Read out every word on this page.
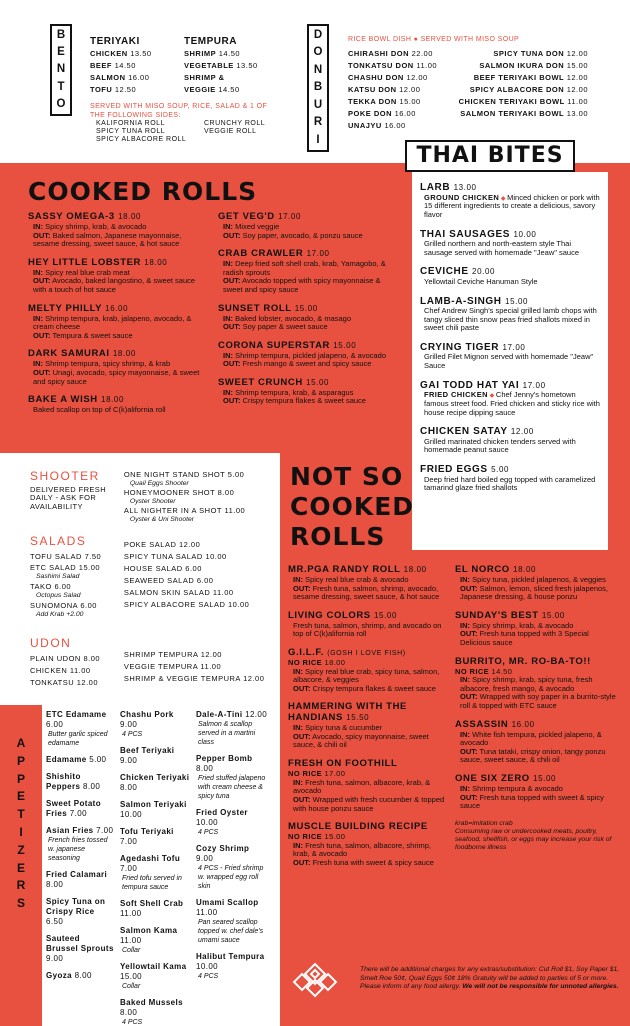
B
E
N
T
O
TERIYAKI
CHICKEN 13.50
BEEF 14.50
SALMON 16.00
TOFU 12.50
TEMPURA
SHRIMP 14.50
VEGETABLE 13.50
SHRIMP &
VEGGIE 14.50
SERVED WITH MISO SOUP, RICE, SALAD & 1 OF THE FOLLOWING SIDES:
KALIFORNIA ROLL
SPICY TUNA ROLL
SPICY ALBACORE ROLL
CRUNCHY ROLL
VEGGIE ROLL
D
O
N
B
U
R
I
RICE BOWL DISH ● SERVED WITH MISO SOUP
CHIRASHI DON 22.00
TONKATSU DON 11.00
CHASHU DON 12.00
KATSU DON 12.00
TEKKA DON 15.00
POKE DON 16.00
UNAJYU 16.00
SPICY TUNA DON 12.00
SALMON IKURA DON 15.00
BEEF TERIYAKI BOWL 12.00
SPICY ALBACORE DON 12.00
CHICKEN TERIYAKI BOWL 11.00
SALMON TERIYAKI BOWL 13.00
COOKED ROLLS
SASSY OMEGA-3 18.00
IN: Spicy shrimp, krab, & avocado
OUT: Baked salmon, Japanese mayonnaise, sesame dressing, sweet sauce, & hot sauce
HEY LITTLE LOBSTER 18.00
IN: Spicy real blue crab meat
OUT: Avocado, baked langostino, & sweet sauce with a touch of hot sauce
MELTY PHILLY 16.00
IN: Shrimp tempura, krab, jalapeno, avocado, & cream cheese
OUT: Tempura & sweet sauce
DARK SAMURAI 18.00
IN: Shrimp tempura, spicy shrimp, & krab
OUT: Unagi, avocado, spicy mayonnaise, & sweet and spicy sauce
BAKE A WISH 18.00
Baked scallop on top of C(k)alifornia roll
GET VEG'D 17.00
IN: Mixed veggie
OUT: Soy paper, avocado, & ponzu sauce
CRAB CRAWLER 17.00
IN: Deep fried soft shell crab, krab, Yamagobo, & radish sprouts
OUT: Avocado topped with spicy mayonnaise & sweet and spicy sauce
SUNSET ROLL 15.00
IN: Baked lobster, avocado, & masago
OUT: Soy paper & sweet sauce
CORONA SUPERSTAR 15.00
IN: Shrimp tempura, pickled jalapeno, & avocado
OUT: Fresh mango & sweet and spicy sauce
SWEET CRUNCH 15.00
IN: Shrimp tempura, krab, & asparagus
OUT: Crispy tempura flakes & sweet sauce
THAI BITES
LARB 13.00
GROUND CHICKEN ◆ Minced chicken or pork with 15 different ingredients to create a delicious, savory flavor
THAI SAUSAGES 10.00
Grilled northern and north-eastern style Thai sausage served with homemade "Jeaw" sauce
CEVICHE 20.00
Yellowtail Ceviche Hanuman Style
LAMB-A-SINGH 15.00
Chef Andrew Singh's special grilled lamb chops with tangy sliced thin snow peas fried shallots mixed in sweet chili paste
CRYING TIGER 17.00
Grilled Filet Mignon served with homemade "Jeaw" Sauce
GAI TODD HAT YAI 17.00
FRIED CHICKEN ◆ Chef Jenny's hometown famous street food. Fried chicken and sticky rice with house recipe dipping sauce
CHICKEN SATAY 12.00
Grilled marinated chicken tenders served with homemade peanut sauce
FRIED EGGS 5.00
Deep fried hard boiled egg topped with caramelized tamarind glaze fried shallots
SHOOTER
DELIVERED FRESH DAILY - ASK FOR AVAILABILITY
ONE NIGHT STAND SHOT 5.00
Quail Eggs Shooter
HONEYMOONER SHOT 8.00
Oyster Shooter
ALL NIGHTER IN A SHOT 11.00
Oyster & Uni Shooter
SALADS
TOFU SALAD 7.50
ETC SALAD 15.00
Sashimi Salad
TAKO 6.00
Octopus Salad
SUNOMONA 6.00
Add Krab +2.00
POKE SALAD 12.00
SPICY TUNA SALAD 10.00
HOUSE SALAD 6.00
SEAWEED SALAD 6.00
SALMON SKIN SALAD 11.00
SPICY ALBACORE SALAD 10.00
UDON
PLAIN UDON 8.00
CHICKEN 11.00
TONKATSU 12.00
SHRIMP TEMPURA 12.00
VEGGIE TEMPURA 11.00
SHRIMP & VEGGIE TEMPURA 12.00
A
P
P
E
T
I
Z
E
R
S
ETC Edamame 6.00
Butter garlic spiced edamame
Edamame 5.00
Shishito Peppers 8.00
Sweet Potato Fries 7.00
Asian Fries 7.00
French fries tossed w. japanese seasoning
Fried Calamari 8.00
Spicy Tuna on Crispy Rice 6.50
Sauteed Brussel Sprouts 9.00
Gyoza 8.00
Chashu Pork 9.00
4 PCS
Beef Teriyaki 9.00
Chicken Teriyaki 8.00
Salmon Teriyaki 10.00
Tofu Teriyaki 7.00
Agedashi Tofu 7.00
Fried tofu served in tempura sauce
Soft Shell Crab 11.00
Salmon Kama 11.00
Collar
Yellowtail Kama 15.00
Collar
Baked Mussels 8.00
4 PCS
Dale-A-Tini 12.00
Salmon & scallop served in a martini class
Pepper Bomb 8.00
Fried stuffed jalapeno with cream cheese & spicy tuna
Fried Oyster 10.00
4 PCS
Cozy Shrimp 9.00
4 PCS - Fried shrimp w. wrapped egg roll skin
Umami Scallop 11.00
Pan seared scallop topped w. chef dale's umami sauce
Halibut Tempura 10.00
4 PCS
NOT SO
COOKED
ROLLS
MR.PGA RANDY ROLL 18.00
IN: Spicy real blue crab & avocado
OUT: Fresh tuna, salmon, shrimp, avocado, sesame dressing, sweet sauce, & hot sauce
LIVING COLORS 15.00
Fresh tuna, salmon, shrimp, and avocado on top of C(k)alifornia roll
G.I.L.F. (GOSH I LOVE FISH)
NO RICE 18.00
IN: Spicy real blue crab, spicy tuna, salmon, albacore, & veggies
OUT: Crispy tempura flakes & sweet sauce
HAMMERING WITH THE HANDIANS 15.50
IN: Spicy tuna & cucumber
OUT: Avocado, spicy mayonnaise, sweet sauce, & chili oil
FRESH ON FOOTHILL
NO RICE 17.00
IN: Fresh tuna, salmon, albacore, krab, & avocado
OUT: Wrapped with fresh cucumber & topped with house ponzu sauce
MUSCLE BUILDING RECIPE
NO RICE 15.00
IN: Fresh tuna, salmon, albacore, shrimp, krab, & avocado
OUT: Fresh tuna with sweet & spicy sauce
EL NORCO 18.00
IN: Spicy tuna, pickled jalapenos, & veggies
OUT: Salmon, lemon, sliced fresh jalapenos, Japanese dressing, & house ponzu
SUNDAY'S BEST 15.00
IN: Spicy shrimp, krab, & avocado
OUT: Fresh tuna topped with 3 Special Delicious sauce
BURRITO, MR. RO-BA-TO!!
NO RICE 14.50
IN: Spicy shrimp, krab, spicy tuna, fresh albacore, fresh mango, & avocado
OUT: Wrapped with soy paper in a burrito-style roll & topped with ETC sauce
ASSASSIN 16.00
IN: White fish tempura, pickled jalapeno, & avocado
OUT: Tuna tataki, crispy onion, tangy ponzu sauce, sweet sauce, & chili oil
ONE SIX ZERO 15.00
IN: Shrimp tempura & avocado
OUT: Fresh tuna topped with sweet & spicy sauce
krab=imitation crab
Consuming raw or undercooked meats, poultry, seafood, shellfish, or eggs may increase your risk of foodborne illness
There will be additional charges for any extras/substitution: Cut Roll $1, Soy Paper $1, Smelt Roe 50¢, Quail Eggs 50¢ 18% Gratuity will be added to parties of 5 or more. Please inform of any food allergy. We will not be responsible for unnoted allergies.
